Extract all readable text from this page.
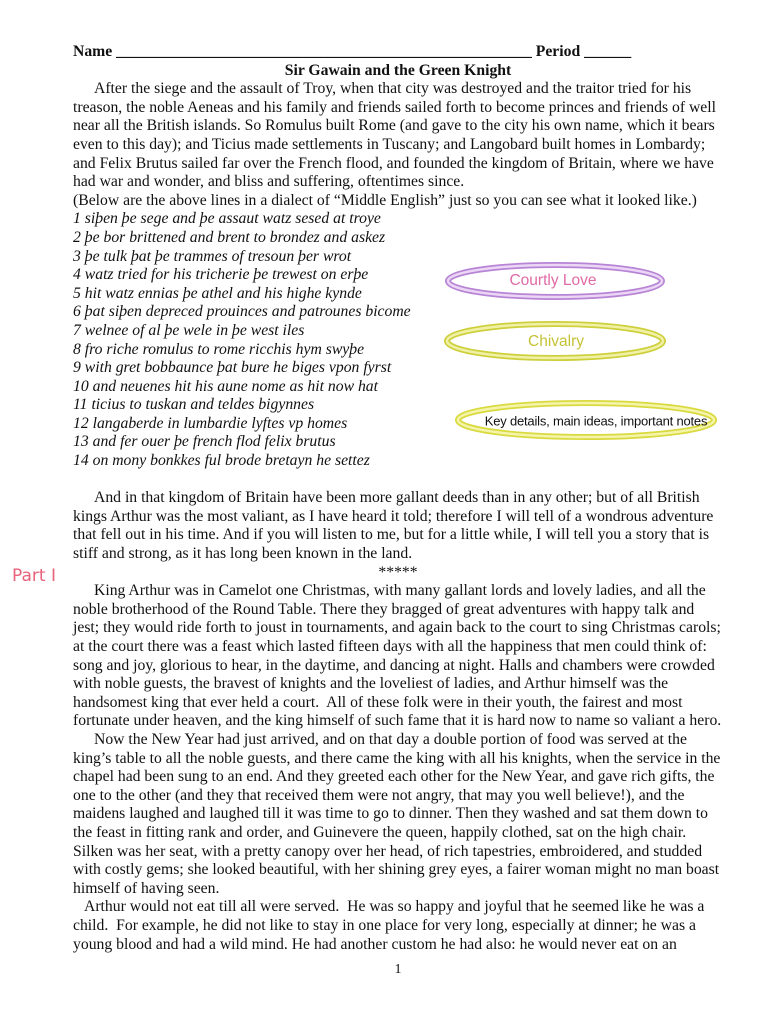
Name _____________________________________________________ Period ______
Sir Gawain and the Green Knight
After the siege and the assault of Troy, when that city was destroyed and the traitor tried for his
treason, the noble Aeneas and his family and friends sailed forth to become princes and friends of well
near all the British islands. So Romulus built Rome (and gave to the city his own name, which it bears
even to this day); and Ticius made settlements in Tuscany; and Langobard built homes in Lombardy;
and Felix Brutus sailed far over the French flood, and founded the kingdom of Britain, where we have
had war and wonder, and bliss and suffering, oftentimes since.
(Below are the above lines in a dialect of “Middle English” just so you can see what it looked like.)
1 siþen þe sege and þe assaut watz sesed at troye
2 þe bor brittened and brent to brondez and askez
3 þe tulk þat þe trammes of tresoun þer wrot
4 watz tried for his tricherie þe trewest on erþe
5 hit watz ennias þe athel and his highe kynde
6 þat siþen depreced prouinces and patrounes bicome
7 welnee of al þe wele in þe west iles
8 fro riche romulus to rome ricchis hym swyþe
9 with gret bobbaunce þat bure he biges vpon fyrst
10 and neuenes hit his aune nome as hit now hat
11 ticius to tuskan and teldes bigynnes
12 langaberde in lumbardie lyftes vp homes
13 and fer ouer þe french flod felix brutus
14 on mony bonkkes ful brode bretayn he settez
And in that kingdom of Britain have been more gallant deeds than in any other; but of all British
kings Arthur was the most valiant, as I have heard it told; therefore I will tell of a wondrous adventure
that fell out in his time. And if you will listen to me, but for a little while, I will tell you a story that is
stiff and strong, as it has long been known in the land.
*****
King Arthur was in Camelot one Christmas, with many gallant lords and lovely ladies, and all the
noble brotherhood of the Round Table. There they bragged of great adventures with happy talk and
jest; they would ride forth to joust in tournaments, and again back to the court to sing Christmas carols;
at the court there was a feast which lasted fifteen days with all the happiness that men could think of:
song and joy, glorious to hear, in the daytime, and dancing at night. Halls and chambers were crowded
with noble guests, the bravest of knights and the loveliest of ladies, and Arthur himself was the
handsomest king that ever held a court.  All of these folk were in their youth, the fairest and most
fortunate under heaven, and the king himself of such fame that it is hard now to name so valiant a hero.
Now the New Year had just arrived, and on that day a double portion of food was served at the
king’s table to all the noble guests, and there came the king with all his knights, when the service in the
chapel had been sung to an end. And they greeted each other for the New Year, and gave rich gifts, the
one to the other (and they that received them were not angry, that may you well believe!), and the
maidens laughed and laughed till it was time to go to dinner. Then they washed and sat them down to
the feast in fitting rank and order, and Guinevere the queen, happily clothed, sat on the high chair.
Silken was her seat, with a pretty canopy over her head, of rich tapestries, embroidered, and studded
with costly gems; she looked beautiful, with her shining grey eyes, a fairer woman might no man boast
himself of having seen.
Arthur would not eat till all were served.  He was so happy and joyful that he seemed like he was a
child.  For example, he did not like to stay in one place for very long, especially at dinner; he was a
young blood and had a wild mind. He had another custom he had also: he would never eat on an
Courtly Love
Chivalry
Key details, main ideas, important notes
Part I
1
